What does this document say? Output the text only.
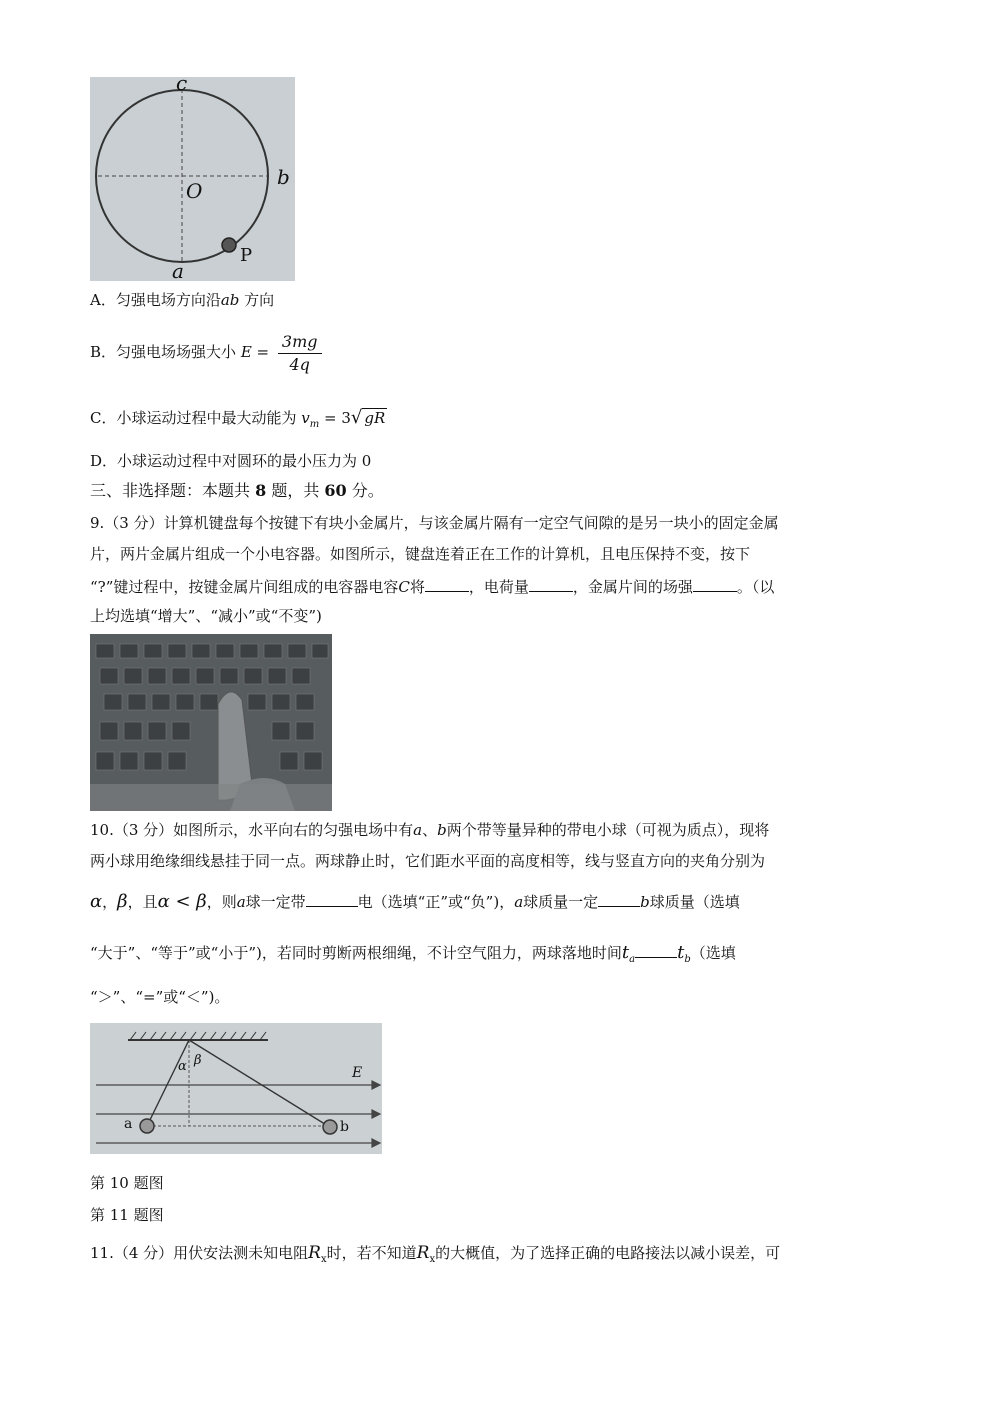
c
b
O
a
P
A．匀强电场方向沿ab 方向
B．匀强电场场强大小 $E = \frac{3mg}{4q}$
C．小球运动过程中最大动能为 $v_m = 3√$ gR
D．小球运动过程中对圆环的最小压力为 0
三、非选择题：本题共 8 题，共 60 分。
9.（3 分）计算机键盘每个按键下有块小金属片，与该金属片隔有一定空气间隙的是另一块小的固定金属
片，两片金属片组成一个小电容器。如图所示，键盘连着正在工作的计算机，且电压保持不变，按下
“?”键过程中，按键金属片间组成的电容器电容C将	，电荷量	，金属片间的场强	。（以
上均选填“增大”、“减小”或“不变”)
10.（3 分）如图所示，水平向右的匀强电场中有a、b两个带等量异种的带电小球（可视为质点），现将
两小球用绝缘细线悬挂于同一点。两球静止时，它们距水平面的高度相等，线与竖直方向的夹角分别为
α，β，且α < β，则a球一定带	电（选填“正”或“负”)，a球质量一定	b球质量（选填
“大于”、“等于”或“小于”)，若同时剪断两根细绳，不计空气阻力，两球落地时间$t_a$ $t_b$（选填
“＞”、“=”或“＜”)。
α β
E
a	b
第 10 题图
第 11 题图
11.（4 分）用伏安法测未知电阻$R_x$时，若不知道$R_x$的大概值，为了选择正确的电路接法以减小误差，可
